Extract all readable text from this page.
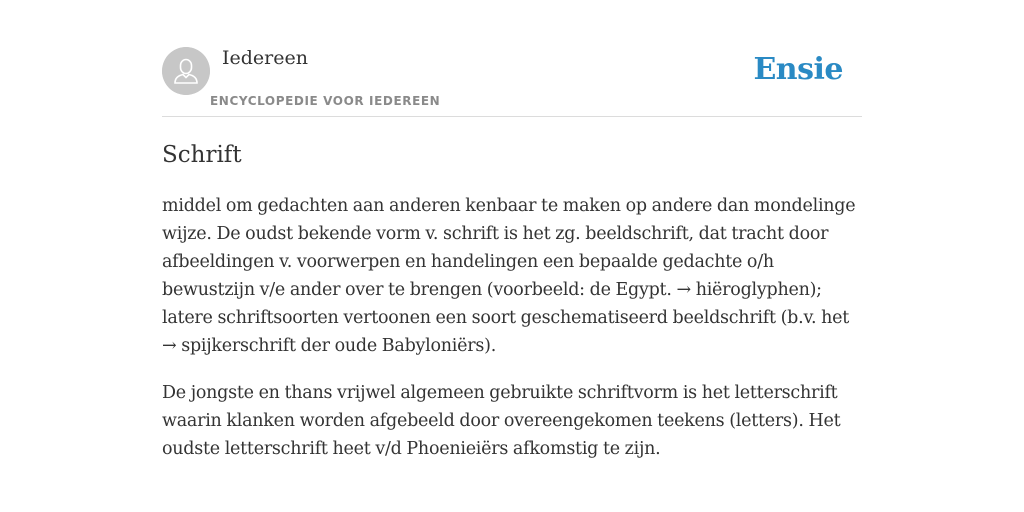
Iedereen
ENCYCLOPEDIE VOOR IEDEREEN
Ensie
Schrift

middel om gedachten aan anderen kenbaar te maken op andere dan mondelinge wijze. De oudst bekende vorm v. schrift is het zg. beeldschrift, dat tracht door afbeeldingen v. voorwerpen en handelingen een bepaalde gedachte o/h bewustzijn v/e ander over te brengen (voorbeeld: de Egypt. → hiëroglyphen); latere schriftsoorten vertoonen een soort geschematiseerd beeldschrift (b.v. het → spijkerschrift der oude Babyloniërs).

De jongste en thans vrijwel algemeen gebruikte schriftvorm is het letterschrift waarin klanken worden afgebeeld door overeengekomen teekens (letters). Het oudste letterschrift heet v/d Phoenieiërs afkomstig te zijn.
